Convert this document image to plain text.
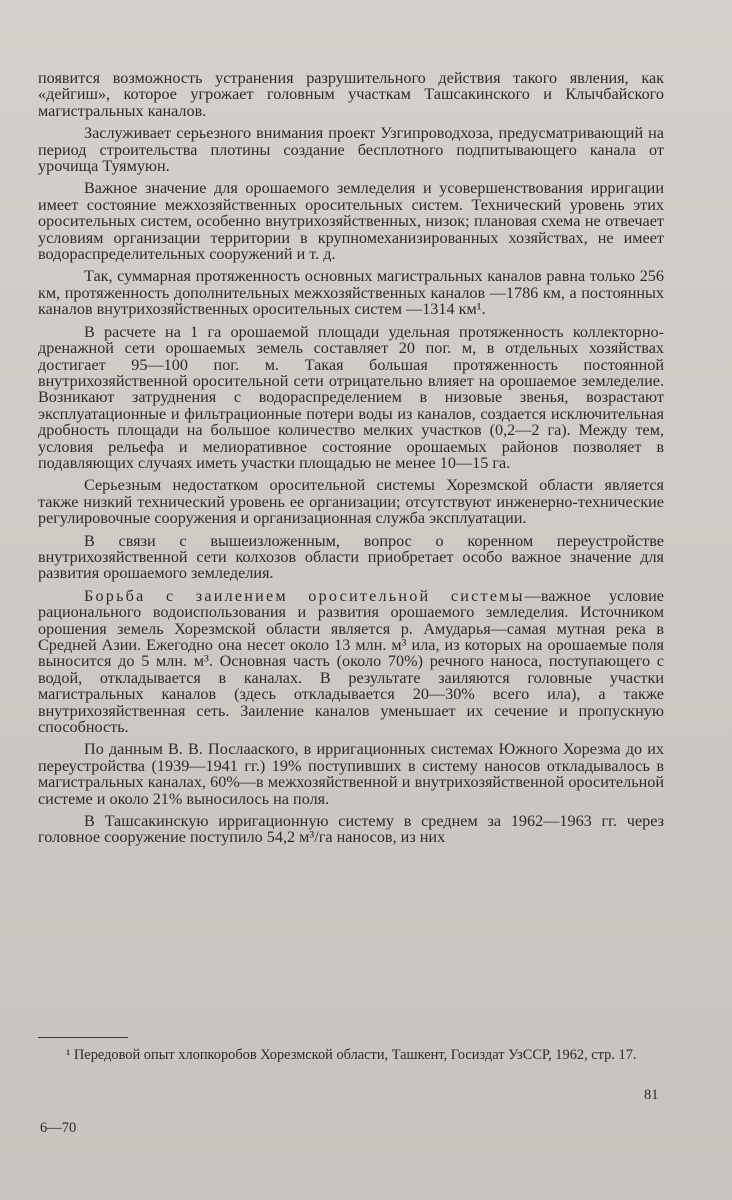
появится возможность устранения разрушительного действия такого явления, как «дейгиш», которое угрожает головным участкам Ташсакинского и Клычбайского магистральных каналов.

Заслуживает серьезного внимания проект Узгипроводхоза, предусматривающий на период строительства плотины создание бесплотного подпитывающего канала от урочища Туямуюн.

Важное значение для орошаемого земледелия и усовершенствования ирригации имеет состояние межхозяйственных оросительных систем. Технический уровень этих оросительных систем, особенно внутрихозяйственных, низок; плановая схема не отвечает условиям организации территории в крупномеханизированных хозяйствах, не имеет водораспределительных сооружений и т. д.

Так, суммарная протяженность основных магистральных каналов равна только 256 км, протяженность дополнительных межхозяйственных каналов —1786 км, а постоянных каналов внутрихозяйственных оросительных систем —1314 км¹.

В расчете на 1 га орошаемой площади удельная протяженность коллекторно-дренажной сети орошаемых земель составляет 20 пог. м, в отдельных хозяйствах достигает 95—100 пог. м. Такая большая протяженность постоянной внутрихозяйственной оросительной сети отрицательно влияет на орошаемое земледелие. Возникают затруднения с водораспределением в низовые звенья, возрастают эксплуатационные и фильтрационные потери воды из каналов, создается исключительная дробность площади на большое количество мелких участков (0,2—2 га). Между тем, условия рельефа и мелиоративное состояние орошаемых районов позволяет в подавляющих случаях иметь участки площадью не менее 10—15 га.

Серьезным недостатком оросительной системы Хорезмской области является также низкий технический уровень ее организации; отсутствуют инженерно-технические регулировочные сооружения и организационная служба эксплуатации.

В связи с вышеизложенным, вопрос о коренном переустройстве внутрихозяйственной сети колхозов области приобретает особо важное значение для развития орошаемого земледелия.

Борьба с заилением оросительной системы—важное условие рационального водоиспользования и развития орошаемого земледелия. Источником орошения земель Хорезмской области является р. Амударья—самая мутная река в Средней Азии. Ежегодно она несет около 13 млн. м³ ила, из которых на орошаемые поля выносится до 5 млн. м³. Основная часть (около 70%) речного наноса, поступающего с водой, откладывается в каналах. В результате заиляются головные участки магистральных каналов (здесь откладывается 20—30% всего ила), а также внутрихозяйственная сеть. Заиление каналов уменьшает их сечение и пропускную способность.

По данным В. В. Послааского, в ирригационных системах Южного Хорезма до их переустройства (1939—1941 гг.) 19% поступивших в систему наносов откладывалось в магистральных каналах, 60%—в межхозяйственной и внутрихозяйственной оросительной системе и около 21% выносилось на поля.

В Ташсакинскую ирригационную систему в среднем за 1962—1963 гг. через головное сооружение поступило 54,2 м³/га наносов, из них

¹ Передовой опыт хлопкоробов Хорезмской области, Ташкент, Госиздат УзССР, 1962, стр. 17.
81
6—70
